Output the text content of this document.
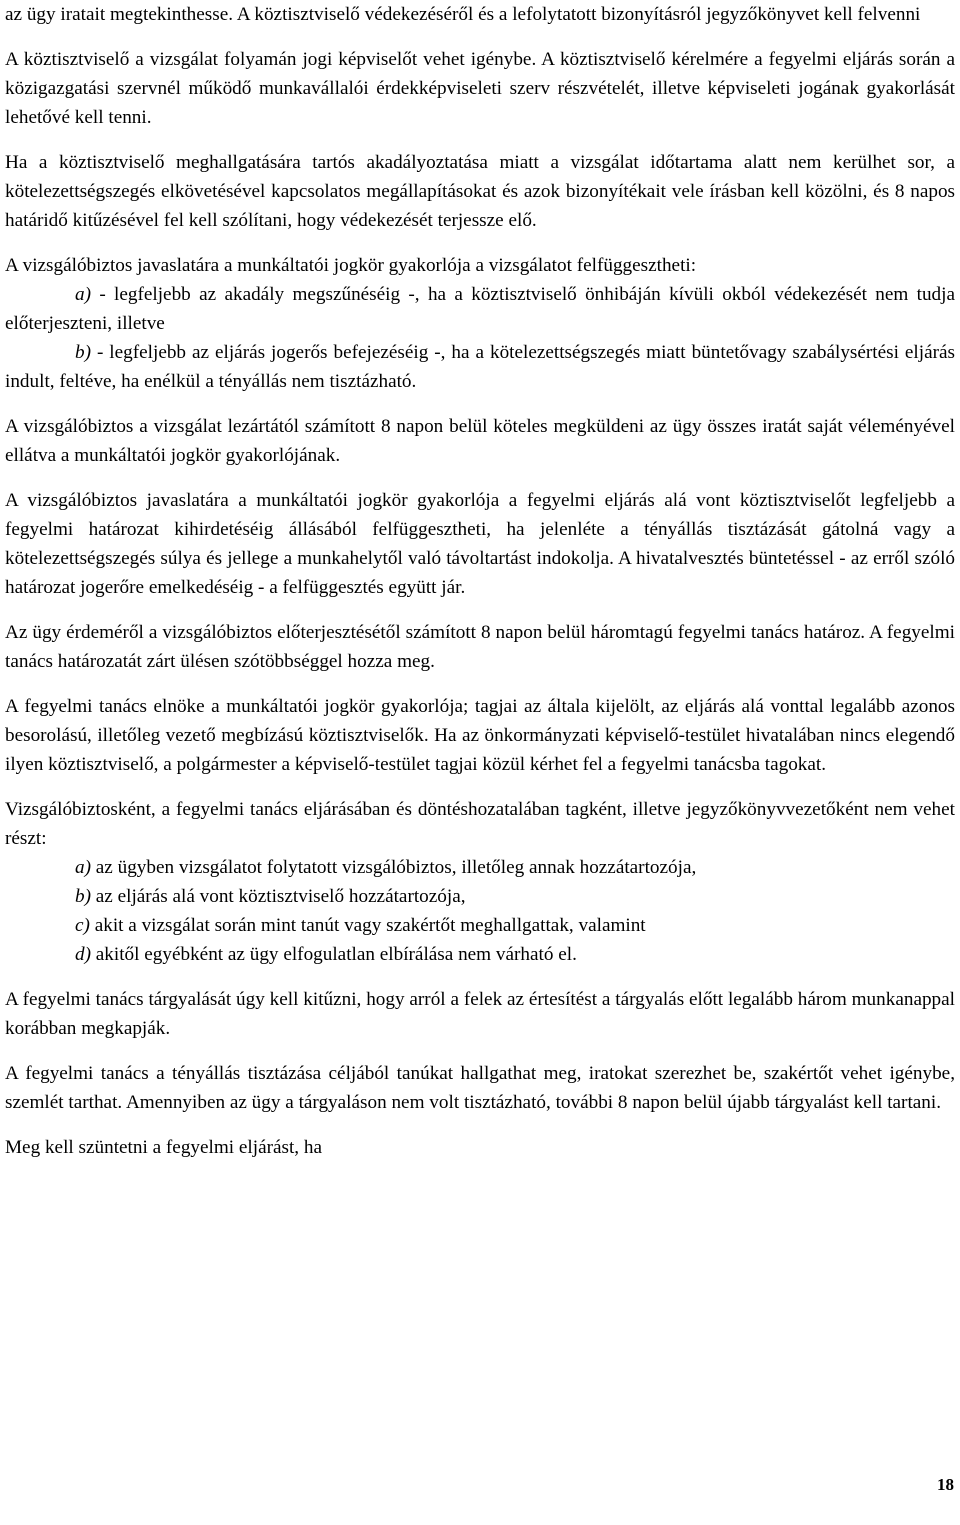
az ügy iratait megtekinthesse. A köztisztviselő védekezéséről és a lefolytatott bizonyításról jegyzőkönyvet kell felvenni

A köztisztviselő a vizsgálat folyamán jogi képviselőt vehet igénybe. A köztisztviselő kérelmére a fegyelmi eljárás során a közigazgatási szervnél működő munkavállalói érdekképviseleti szerv részvételét, illetve képviseleti jogának gyakorlását lehetővé kell tenni.

Ha a köztisztviselő meghallgatására tartós akadályoztatása miatt a vizsgálat időtartama alatt nem kerülhet sor, a kötelezettségszegés elkövetésével kapcsolatos megállapításokat és azok bizonyítékait vele írásban kell közölni, és 8 napos határidő kitűzésével fel kell szólítani, hogy védekezését terjessze elő.

A vizsgálóbiztos javaslatára a munkáltatói jogkör gyakorlója a vizsgálatot felfüggesztheti:

a) - legfeljebb az akadály megszűnéséig -, ha a köztisztviselő önhibáján kívüli okból védekezését nem tudja előterjeszteni, illetve

b) - legfeljebb az eljárás jogerős befejezéséig -, ha a kötelezettségszegés miatt büntetővagy szabálysértési eljárás indult, feltéve, ha enélkül a tényállás nem tisztázható.

A vizsgálóbiztos a vizsgálat lezártától számított 8 napon belül köteles megküldeni az ügy összes iratát saját véleményével ellátva a munkáltatói jogkör gyakorlójának.

A vizsgálóbiztos javaslatára a munkáltatói jogkör gyakorlója a fegyelmi eljárás alá vont köztisztviselőt legfeljebb a fegyelmi határozat kihirdetéséig állásából felfüggesztheti, ha jelenléte a tényállás tisztázását gátolná vagy a kötelezettségszegés súlya és jellege a munkahelytől való távoltartást indokolja. A hivatalvesztés büntetéssel - az erről szóló határozat jogerőre emelkedéséig - a felfüggesztés együtt jár.

Az ügy érdeméről a vizsgálóbiztos előterjesztésétől számított 8 napon belül háromtagú fegyelmi tanács határoz. A fegyelmi tanács határozatát zárt ülésen szótöbbséggel hozza meg.

A fegyelmi tanács elnöke a munkáltatói jogkör gyakorlója; tagjai az általa kijelölt, az eljárás alá vonttal legalább azonos besorolású, illetőleg vezető megbízású köztisztviselők. Ha az önkormányzati képviselő-testület hivatalában nincs elegendő ilyen köztisztviselő, a polgármester a képviselő-testület tagjai közül kérhet fel a fegyelmi tanácsba tagokat.

Vizsgálóbiztosként, a fegyelmi tanács eljárásában és döntéshozatalában tagként, illetve jegyzőkönyvvezetőként nem vehet részt:

a) az ügyben vizsgálatot folytatott vizsgálóbiztos, illetőleg annak hozzátartozója,

b) az eljárás alá vont köztisztviselő hozzátartozója,

c) akit a vizsgálat során mint tanút vagy szakértőt meghallgattak, valamint

d) akitől egyébként az ügy elfogulatlan elbírálása nem várható el.

A fegyelmi tanács tárgyalását úgy kell kitűzni, hogy arról a felek az értesítést a tárgyalás előtt legalább három munkanappal korábban megkapják.

A fegyelmi tanács a tényállás tisztázása céljából tanúkat hallgathat meg, iratokat szerezhet be, szakértőt vehet igénybe, szemlét tarthat. Amennyiben az ügy a tárgyaláson nem volt tisztázható, további 8 napon belül újabb tárgyalást kell tartani.

Meg kell szüntetni a fegyelmi eljárást, ha

18
